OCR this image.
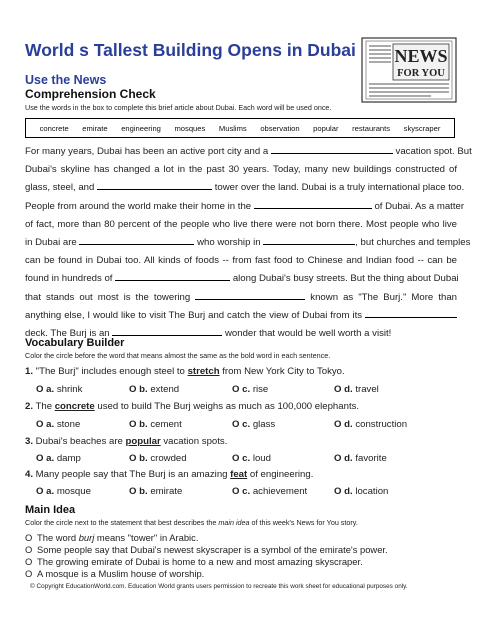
World s Tallest Building Opens in Dubai
Use the News
Comprehension Check
Use the words in the box to complete this brief article about Dubai. Each word will be used once.
NEWS
FOR YOU
concrete emirate engineering mosques Muslims observation popular restaurants skyscraper
For many years, Dubai has been an active port city and a	vacation spot. But
Dubai's skyline has changed a lot in the past 30 years. Today, many new buildings constructed of
glass, steel, and	tower over the land. Dubai is a truly international place too.
People from around the world make their home in the	of Dubai. As a matter
of fact, more than 80 percent of the people who live there were not born there. Most people who live
in Dubai are	who worship in	, but churches and temples
can be found in Dubai too. All kinds of foods -- from fast food to Chinese and Indian food -- can be
found in hundreds of	along Dubai's busy streets. But the thing about Dubai
that stands out most is the towering	known as "The Burj." More than
anything else, I would like to visit The Burj and catch the view of Dubai from its
deck. The Burj is an	wonder that would be well worth a visit!
Vocabulary Builder
Color the circle before the word that means almost the same as the bold word in each sentence.
1. "The Burj" includes enough steel to stretch from New York City to Tokyo.
O a. shrink	O b. extend	O c. rise	O d. travel
2. The concrete used to build The Burj weighs as much as 100,000 elephants.
O a. stone	O b. cement	O c. glass	O d. construction
3. Dubai's beaches are popular vacation spots.
O a. damp	O b. crowded	O c. loud	O d. favorite
4. Many people say that The Burj is an amazing feat of engineering.
O a. mosque	O b. emirate	O c. achievement	O d. location
Main Idea
Color the circle next to the statement that best describes the main idea of this week's News for You story.
O The word burj means "tower" in Arabic.
O Some people say that Dubai's newest skyscraper is a symbol of the emirate's power.
O The growing emirate of Dubai is home to a new and most amazing skyscraper.
O A mosque is a Muslim house of worship.
© Copyright EducationWorld.com. Education World grants users permission to recreate this work sheet for educational purposes only.
